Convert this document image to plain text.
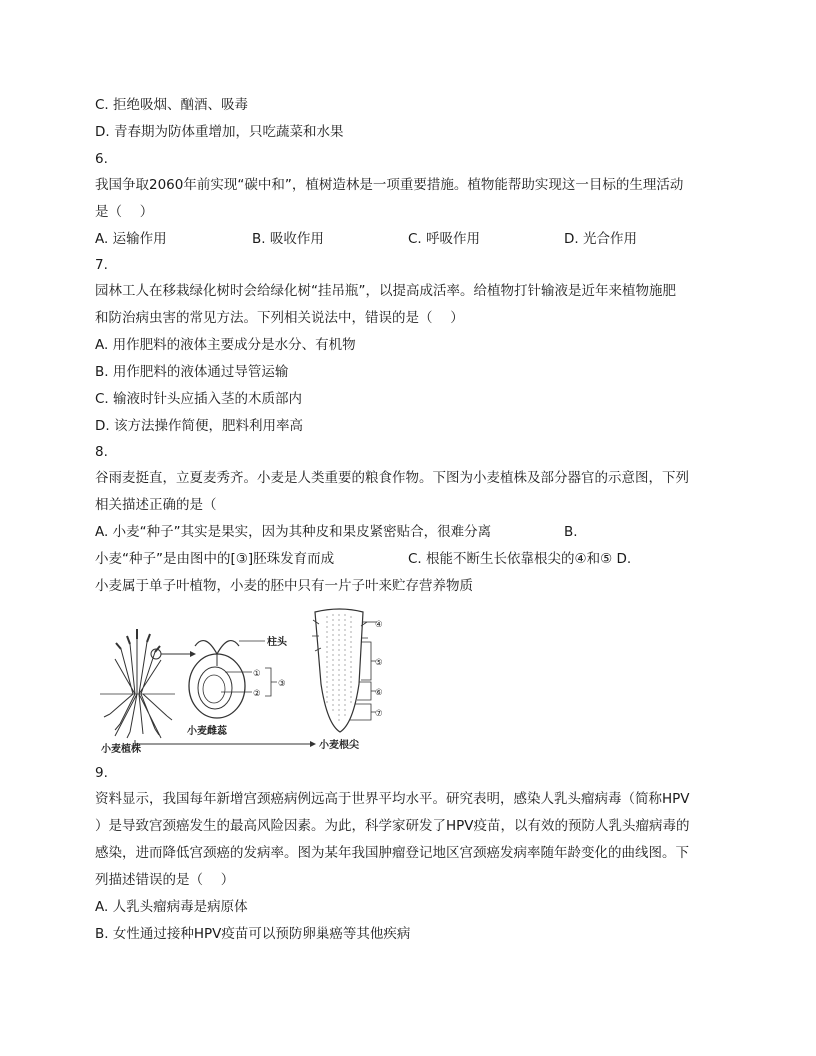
C. 拒绝吸烟、酗酒、吸毒
D. 青春期为防体重增加，只吃蔬菜和水果
6.
我国争取2060年前实现“碳中和”，植树造林是一项重要措施。植物能帮助实现这一目标的生理活动
是（　 ）
A. 运输作用	B. 吸收作用	C. 呼吸作用	D. 光合作用
7.
园林工人在移栽绿化树时会给绿化树“挂吊瓶”，以提高成活率。给植物打针输液是近年来植物施肥
和防治病虫害的常见方法。下列相关说法中，错误的是（　 ）
A. 用作肥料的液体主要成分是水分、有机物
B. 用作肥料的液体通过导管运输
C. 输液时针头应插入茎的木质部内
D. 该方法操作简便，肥料利用率高
8.
谷雨麦挺直，立夏麦秀齐。小麦是人类重要的粮食作物。下图为小麦植株及部分器官的示意图，下列
相关描述正确的是（
A. 小麦“种子”其实是果实，因为其种皮和果皮紧密贴合，很难分离	B.
小麦“种子”是由图中的[③]胚珠发育而成	C. 根能不断生长依靠根尖的④和⑤ D.
小麦属于单子叶植物，小麦的胚中只有一片子叶来贮存营养物质
柱头
①
②
③
小麦雌蕊
④
⑤
⑥
⑦
小麦植株	小麦根尖
9.
资料显示，我国每年新增宫颈癌病例远高于世界平均水平。研究表明，感染人乳头瘤病毒（简称HPV
）是导致宫颈癌发生的最高风险因素。为此，科学家研发了HPV疫苗，以有效的预防人乳头瘤病毒的
感染，进而降低宫颈癌的发病率。图为某年我国肿瘤登记地区宫颈癌发病率随年龄变化的曲线图。下
列描述错误的是（　 ）
A. 人乳头瘤病毒是病原体
B. 女性通过接种HPV疫苗可以预防卵巢癌等其他疾病
